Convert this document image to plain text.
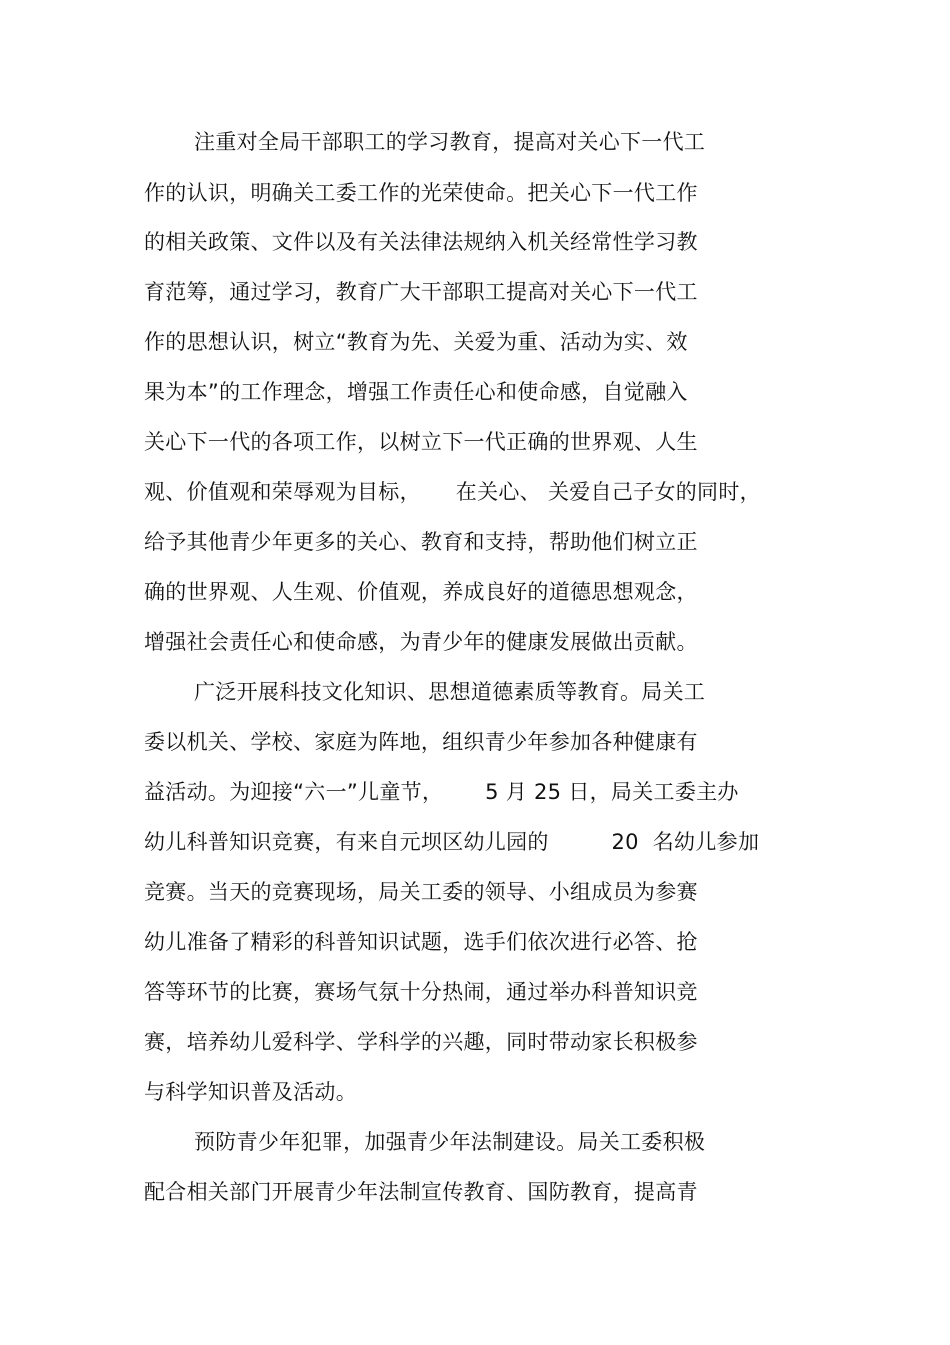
注重对全局干部职工的学习教育，提高对关心下一代工
作的认识，明确关工委工作的光荣使命。把关心下一代工作
的相关政策、文件以及有关法律法规纳入机关经常性学习教
育范筹，通过学习，教育广大干部职工提高对关心下一代工
作的思想认识，树立“教育为先、关爱为重、活动为实、效
果为本”的工作理念，增强工作责任心和使命感，自觉融入
关心下一代的各项工作，以树立下一代正确的世界观、人生
观、价值观和荣辱观为目标，     在关心、 关爱自己子女的同时，
给予其他青少年更多的关心、教育和支持，帮助他们树立正
确的世界观、人生观、价值观，养成良好的道德思想观念，
增强社会责任心和使命感，为青少年的健康发展做出贡献。
广泛开展科技文化知识、思想道德素质等教育。局关工
委以机关、学校、家庭为阵地，组织青少年参加各种健康有
益活动。为迎接“六一”儿童节，      5 月 25 日，局关工委主办
幼儿科普知识竞赛，有来自元坝区幼儿园的         20  名幼儿参加
竞赛。当天的竞赛现场，局关工委的领导、小组成员为参赛
幼儿准备了精彩的科普知识试题，选手们依次进行必答、抢
答等环节的比赛，赛场气氛十分热闹，通过举办科普知识竞
赛，培养幼儿爱科学、学科学的兴趣，同时带动家长积极参
与科学知识普及活动。
预防青少年犯罪，加强青少年法制建设。局关工委积极
配合相关部门开展青少年法制宣传教育、国防教育，提高青
